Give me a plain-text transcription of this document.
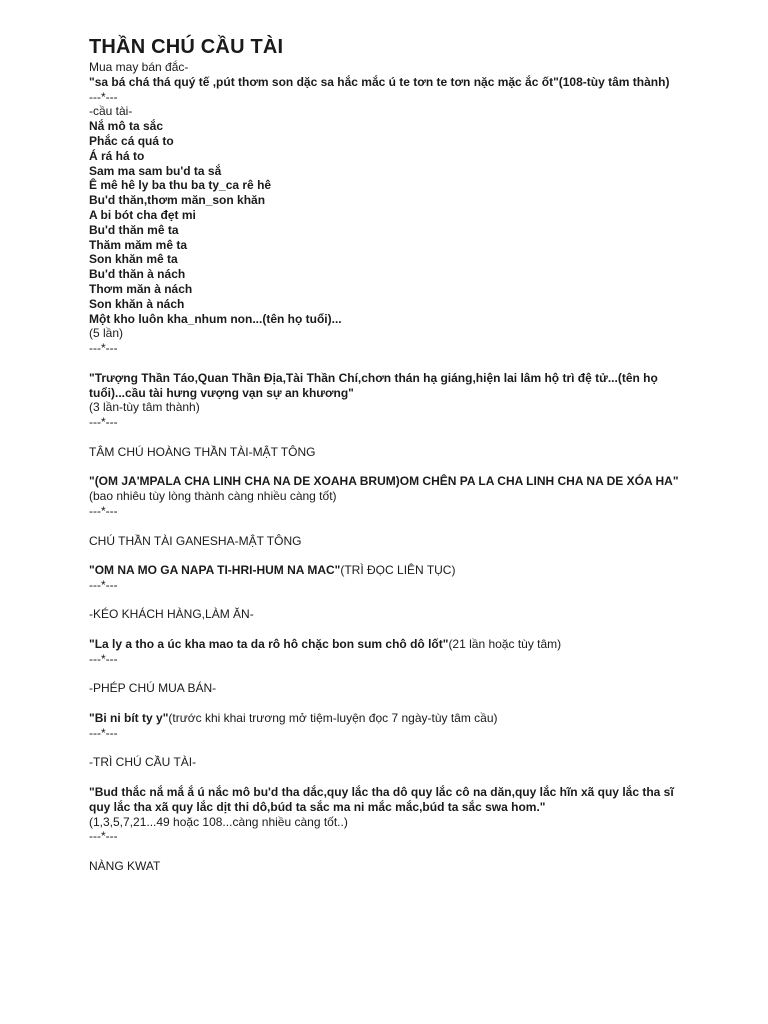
THẦN CHÚ CẦU TÀI
Mua may bán đắc-
"sa bá chá thá quý tế ,pút thơm son dặc sa hắc mắc ú te tơn te tơn nặc mặc ắc ốt"(108-tùy tâm thành)
---*---
-cầu tài-
Nắ mô ta sắc
Phắc cá quá to
Á rá há to
Sam ma sam bu'd ta sắ
Ê mê hê ly ba thu ba ty_ca rê hê
Bu'd thăn,thơm măn_son khăn
A bi bót cha đẹt mi
Bu'd thăn mê ta
Thăm măm mê ta
Son khăn mê ta
Bu'd thăn à nách
Thơm măn à nách
Son khăn à nách
Một kho luôn kha_nhum non...(tên họ tuổi)...
(5 lần)
---*---
"Trượng Thần Táo,Quan Thần Địa,Tài Thần Chí,chơn thán hạ giáng,hiện lai lâm hộ trì đệ tử...(tên họ tuổi)...cầu tài hưng vượng vạn sự an khương"
(3 lần-tùy tâm thành)
---*---
TÂM CHÚ HOÀNG THẦN TÀI-MẬT TÔNG
"(OM JA'MPALA CHA LINH CHA NA DE XOAHA BRUM)OM CHÊN PA LA CHA LINH CHA NA DE XÓA HA"
(bao nhiêu tùy lòng thành càng nhiều càng tốt)
---*---
CHÚ THẦN TÀI GANESHA-MẬT TÔNG
"OM NA MO GA NAPA TI-HRI-HUM NA MAC"(TRÌ ĐỌC LIÊN TỤC)
---*---
-KÉO KHÁCH HÀNG,LÀM ĂN-
"La ly a tho a úc kha mao ta da rô hô chặc bon sum chô dô lốt"(21 lần hoặc tùy tâm)
---*---
-PHÉP CHÚ MUA BÁN-
"Bi ni bít ty y"(trước khi khai trương mở tiệm-luyện đọc 7 ngày-tùy tâm cầu)
---*---
-TRÌ CHÚ CẦU TÀI-
"Bud thắc nắ mắ ắ ú nắc mô bu'd tha dắc,quy lắc tha dô quy lắc cô na dăn,quy lắc hĩn xã quy lắc tha sĩ quy lắc tha xã quy lắc dịt thi dô,búd ta sắc ma ni mắc mắc,búd ta sắc swa hom."
(1,3,5,7,21...49 hoặc 108...càng nhiều càng tốt..)
---*---
NÀNG KWAT
